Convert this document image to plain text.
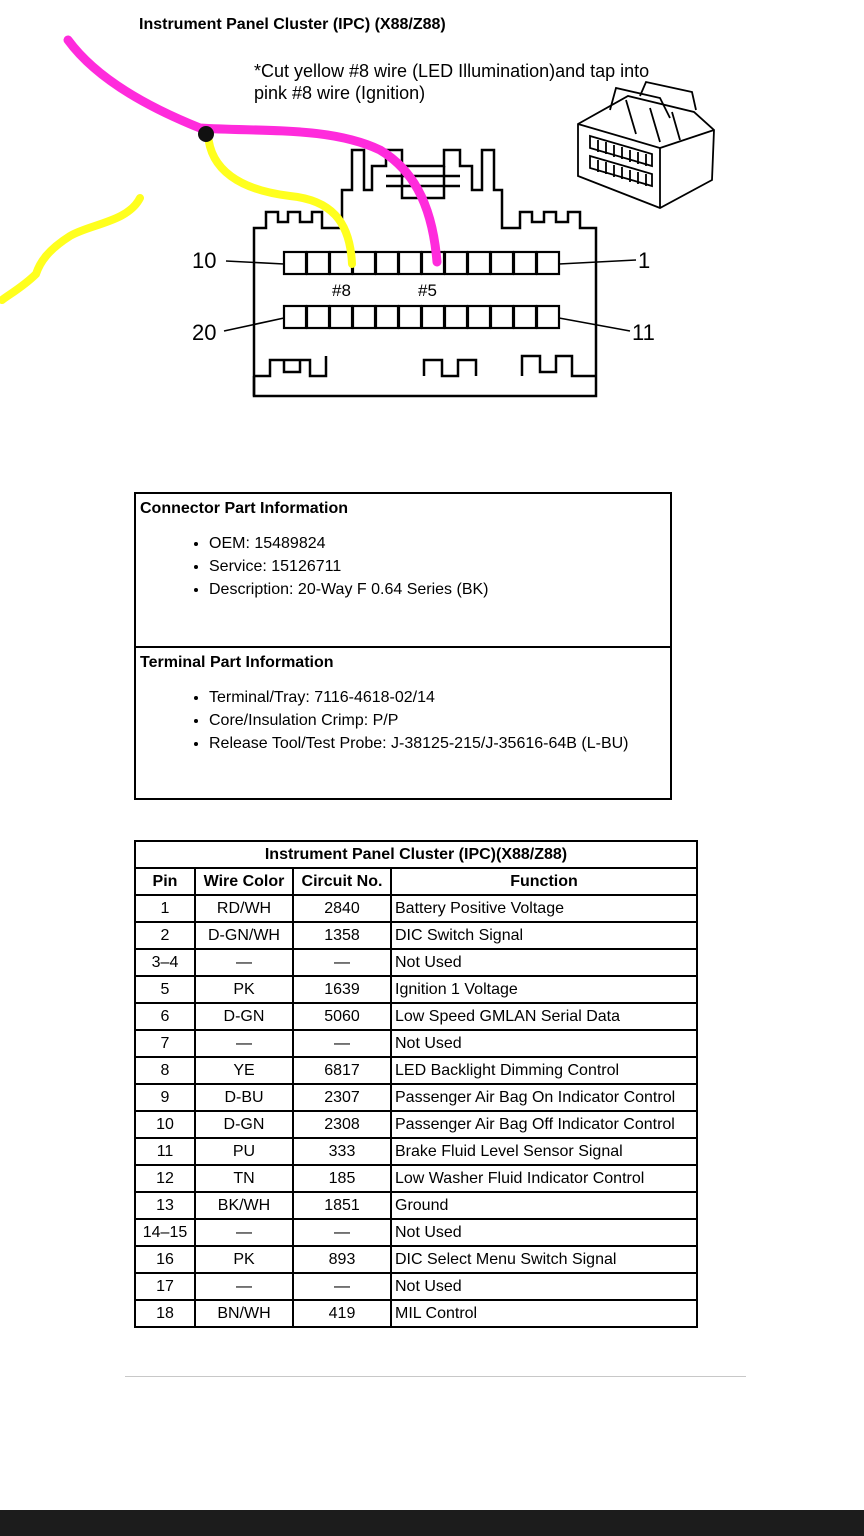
Instrument Panel Cluster (IPC) (X88/Z88)
*Cut yellow #8 wire (LED Illumination)and tap into
pink #8 wire (Ignition)
10	1
20	11
#8	#5
Connector Part Information
• OEM: 15489824
• Service: 15126711
• Description: 20-Way F 0.64 Series (BK)
Terminal Part Information
• Terminal/Tray: 7116-4618-02/14
• Core/Insulation Crimp: P/P
• Release Tool/Test Probe: J-38125-215/J-35616-64B (L-BU)
Instrument Panel Cluster (IPC)(X88/Z88)			
Pin	Wire Color	Circuit No.	Function
1	RD/WH	2840	Battery Positive Voltage
2	D-GN/WH	1358	DIC Switch Signal
3–4	—	—	Not Used
5	PK	1639	Ignition 1 Voltage
6	D-GN	5060	Low Speed GMLAN Serial Data
7	—	—	Not Used
8	YE	6817	LED Backlight Dimming Control
9	D-BU	2307	Passenger Air Bag On Indicator Control
10	D-GN	2308	Passenger Air Bag Off Indicator Control
11	PU	333	Brake Fluid Level Sensor Signal
12	TN	185	Low Washer Fluid Indicator Control
13	BK/WH	1851	Ground
14–15	—	—	Not Used
16	PK	893	DIC Select Menu Switch Signal
17	—	—	Not Used
18	BN/WH	419	MIL Control
